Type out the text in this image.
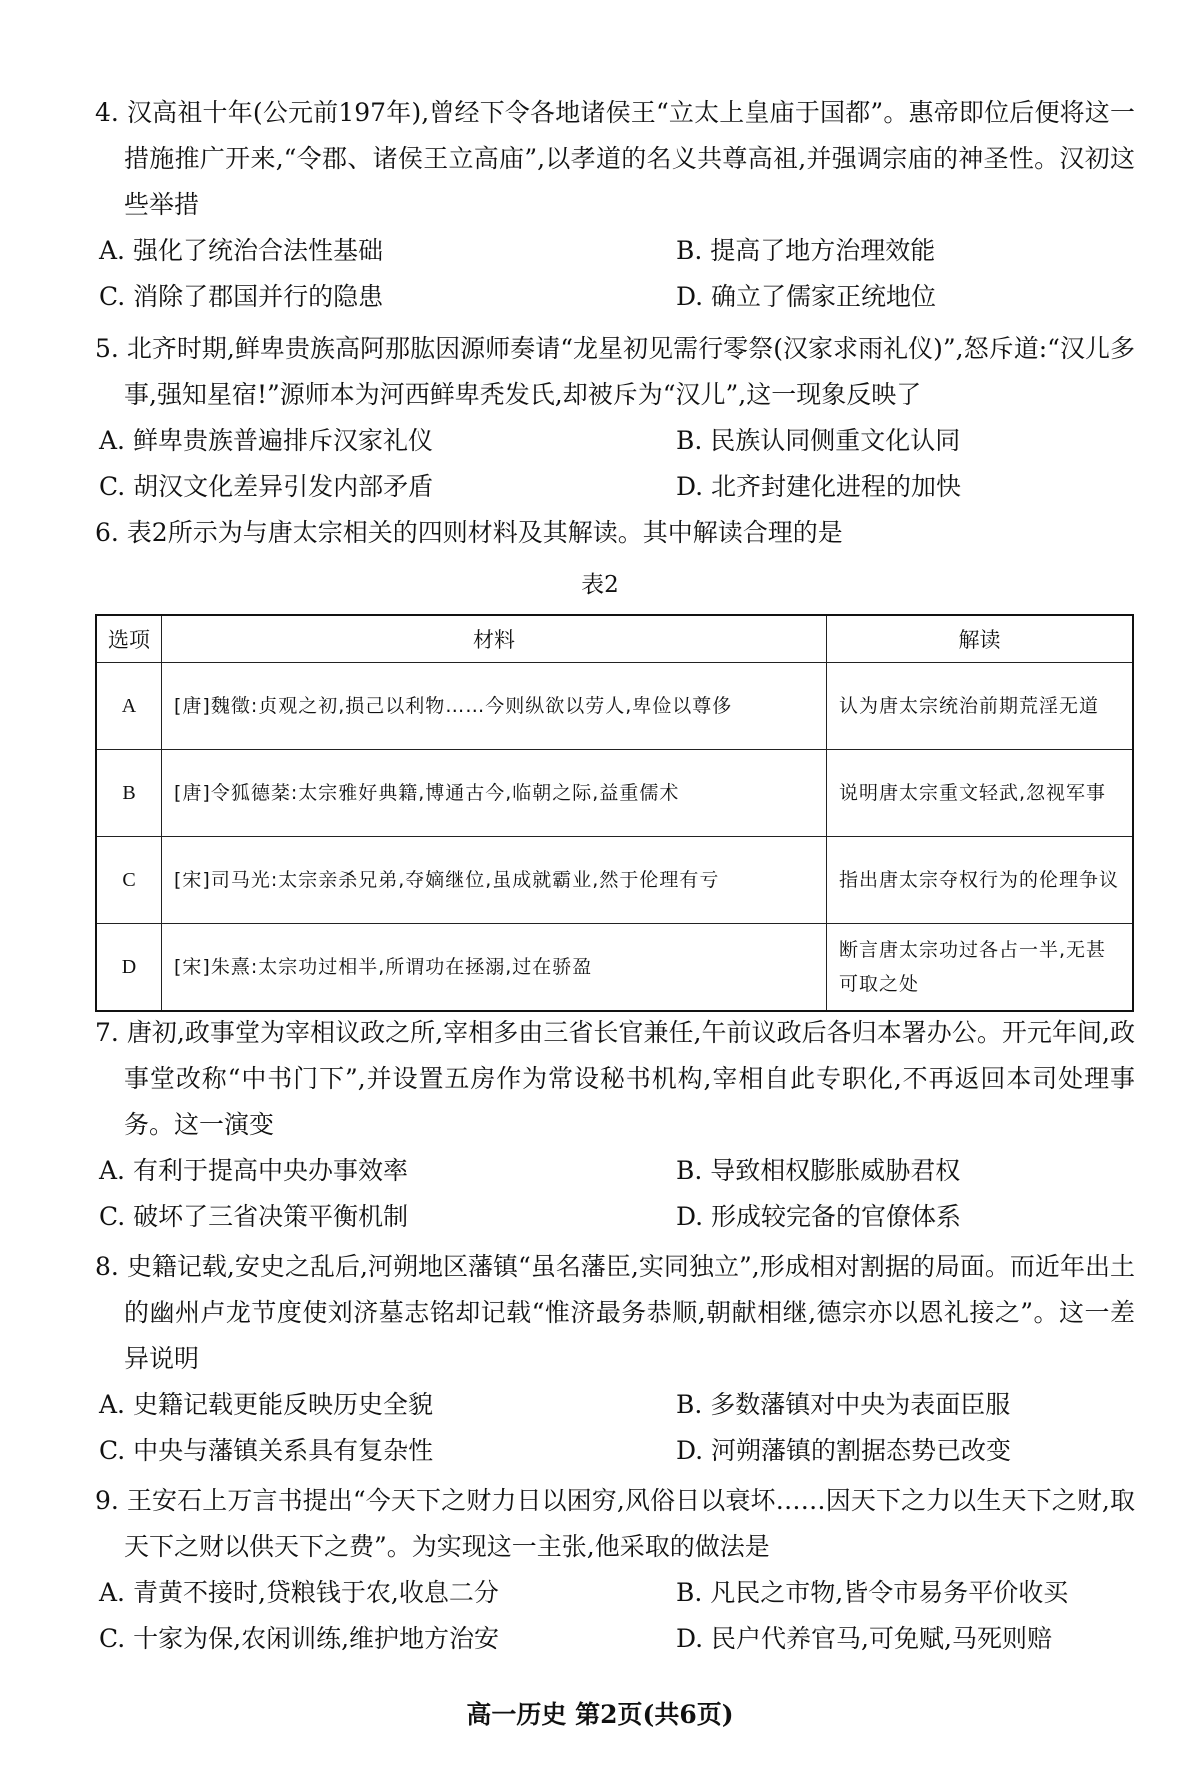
4. 汉高祖十年(公元前197年),曾经下令各地诸侯王“立太上皇庙于国都”。惠帝即位后便将这一措施推广开来,“令郡、诸侯王立高庙”,以孝道的名义共尊高祖,并强调宗庙的神圣性。汉初这些举措

A. 强化了统治合法性基础	B. 提高了地方治理效能
C. 消除了郡国并行的隐患	D. 确立了儒家正统地位

5. 北齐时期,鲜卑贵族高阿那肱因源师奏请“龙星初见需行零祭(汉家求雨礼仪)”,怒斥道:“汉儿多事,强知星宿!”源师本为河西鲜卑秃发氏,却被斥为“汉儿”,这一现象反映了

A. 鲜卑贵族普遍排斥汉家礼仪	B. 民族认同侧重文化认同
C. 胡汉文化差异引发内部矛盾	D. 北齐封建化进程的加快

6. 表2所示为与唐太宗相关的四则材料及其解读。其中解读合理的是

表2
选项	材料	解读
A	[唐]魏徵:贞观之初,损己以利物……今则纵欲以劳人,卑俭以尊侈	认为唐太宗统治前期荒淫无道
B	[唐]令狐德棻:太宗雅好典籍,博通古今,临朝之际,益重儒术	说明唐太宗重文轻武,忽视军事
C	[宋]司马光:太宗亲杀兄弟,夺嫡继位,虽成就霸业,然于伦理有亏	指出唐太宗夺权行为的伦理争议
D	[宋]朱熹:太宗功过相半,所谓功在拯溺,过在骄盈	断言唐太宗功过各占一半,无甚可取之处

7. 唐初,政事堂为宰相议政之所,宰相多由三省长官兼任,午前议政后各归本署办公。开元年间,政事堂改称“中书门下”,并设置五房作为常设秘书机构,宰相自此专职化,不再返回本司处理事务。这一演变

A. 有利于提高中央办事效率	B. 导致相权膨胀威胁君权
C. 破坏了三省决策平衡机制	D. 形成较完备的官僚体系

8. 史籍记载,安史之乱后,河朔地区藩镇“虽名藩臣,实同独立”,形成相对割据的局面。而近年出土的幽州卢龙节度使刘济墓志铭却记载“惟济最务恭顺,朝献相继,德宗亦以恩礼接之”。这一差异说明

A. 史籍记载更能反映历史全貌	B. 多数藩镇对中央为表面臣服
C. 中央与藩镇关系具有复杂性	D. 河朔藩镇的割据态势已改变

9. 王安石上万言书提出“今天下之财力日以困穷,风俗日以衰坏……因天下之力以生天下之财,取天下之财以供天下之费”。为实现这一主张,他采取的做法是

A. 青黄不接时,贷粮钱于农,收息二分	B. 凡民之市物,皆令市易务平价收买
C. 十家为保,农闲训练,维护地方治安	D. 民户代养官马,可免赋,马死则赔
高一历史 第2页(共6页)
